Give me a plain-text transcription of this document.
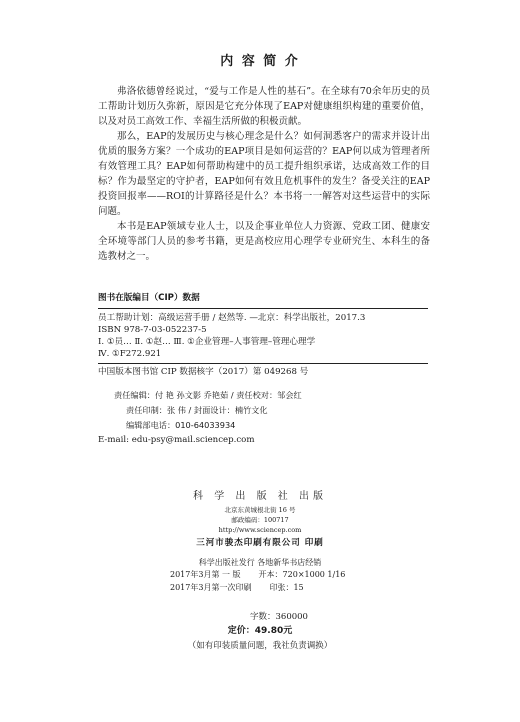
内 容 简 介

弗洛依德曾经说过，“爱与工作是人性的基石”。在全球有70余年历史的员工帮助计划历久弥新，原因是它充分体现了EAP对健康组织构建的重要价值，以及对员工高效工作、幸福生活所做的积极贡献。

那么，EAP的发展历史与核心理念是什么？如何洞悉客户的需求并设计出优质的服务方案？一个成功的EAP项目是如何运营的？EAP何以成为管理者所有效管理工具？EAP如何帮助构建中的员工提升组织承诺，达成高效工作的目标？作为最坚定的守护者，EAP如何有效且危机事件的发生？备受关注的EAP投资回报率——ROI的计算路径是什么？本书将一一解答对这些运营中的实际问题。

本书是EAP领域专业人士，以及企事业单位人力资源、党政工团、健康安全环境等部门人员的参考书籍，更是高校应用心理学专业研究生、本科生的备选教材之一。

图书在版编目（CIP）数据
员工帮助计划：高级运营手册 / 赵然等. —北京：科学出版社，2017.3
ISBN 978-7-03-052237-5
Ⅰ. ①员… Ⅱ. ①赵… Ⅲ. ①企业管理–人事管理–管理心理学
Ⅳ. ①F272.921
中国版本图书馆 CIP 数据核字（2017）第 049268 号
责任编辑：付 艳 孙文影 乔艳茹 / 责任校对：邹会红
责任印制：张 伟 / 封面设计：楠竹文化
编辑部电话：010-64033934
E-mail: edu-psy@mail.sciencep.com
科 学 出 版 社 出版
北京东黄城根北街 16 号
邮政编码：100717
http://www.sciencep.com
三河市骏杰印刷有限公司 印刷
科学出版社发行 各地新华书店经销
2017年3月第 一 版 开本：720×1000 1/16
2017年3月第一次印刷 印张：15
字数：360000
定价：49.80元
（如有印装质量问题，我社负责调换）
